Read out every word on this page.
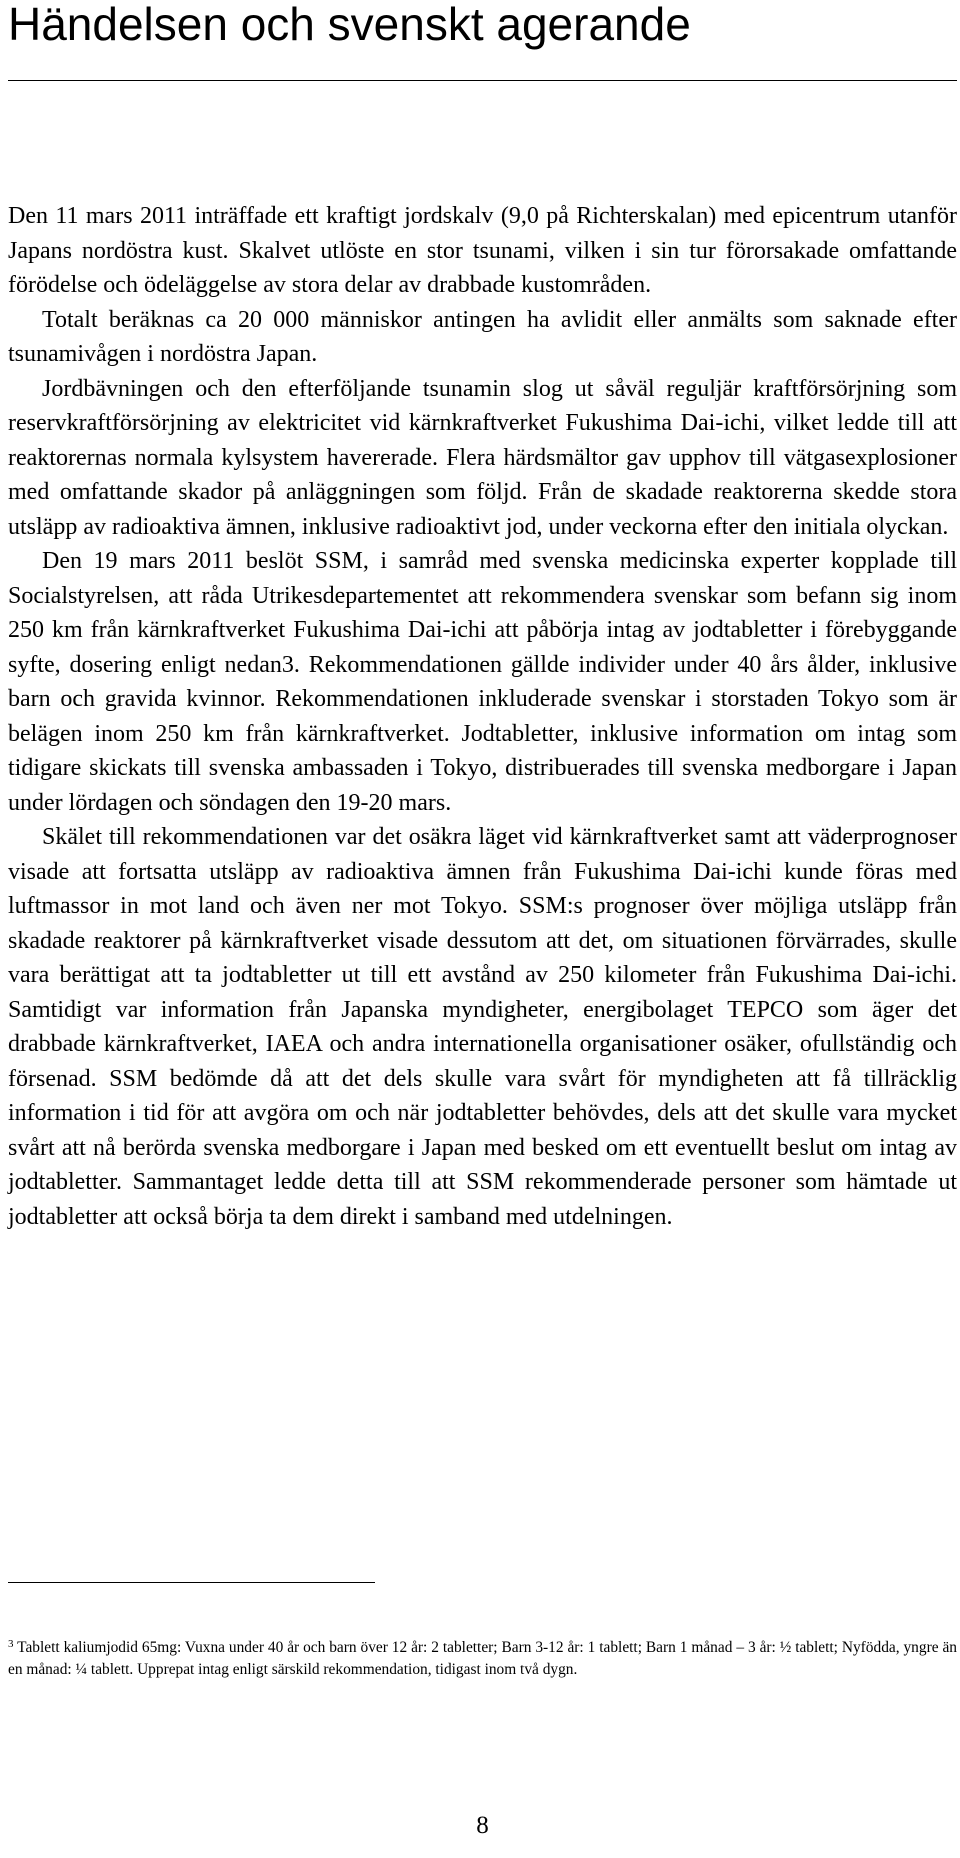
Händelsen och svenskt agerande

Den 11 mars 2011 inträffade ett kraftigt jordskalv (9,0 på Richterskalan) med epicentrum utanför Japans nordöstra kust. Skalvet utlöste en stor tsunami, vilken i sin tur förorsakade omfattande förödelse och ödeläggelse av stora delar av drabbade kustområden.

Totalt beräknas ca 20 000 människor antingen ha avlidit eller anmälts som saknade efter tsunamivågen i nordöstra Japan.

Jordbävningen och den efterföljande tsunamin slog ut såväl reguljär kraftförsörjning som reservkraftförsörjning av elektricitet vid kärnkraftverket Fukushima Dai-ichi, vilket ledde till att reaktorernas normala kylsystem havererade. Flera härdsmältor gav upphov till vätgasexplosioner med omfattande skador på anläggningen som följd. Från de skadade reaktorerna skedde stora utsläpp av radioaktiva ämnen, inklusive radioaktivt jod, under veckorna efter den initiala olyckan.

Den 19 mars 2011 beslöt SSM, i samråd med svenska medicinska experter kopplade till Socialstyrelsen, att råda Utrikesdepartementet att rekommendera svenskar som befann sig inom 250 km från kärnkraftverket Fukushima Dai-ichi att påbörja intag av jodtabletter i förebyggande syfte, dosering enligt nedan3. Rekommendationen gällde individer under 40 års ålder, inklusive barn och gravida kvinnor. Rekommendationen inkluderade svenskar i storstaden Tokyo som är belägen inom 250 km från kärnkraftverket. Jodtabletter, inklusive information om intag som tidigare skickats till svenska ambassaden i Tokyo, distribuerades till svenska medborgare i Japan under lördagen och söndagen den 19-20 mars.

Skälet till rekommendationen var det osäkra läget vid kärnkraftverket samt att väderprognoser visade att fortsatta utsläpp av radioaktiva ämnen från Fukushima Dai-ichi kunde föras med luftmassor in mot land och även ner mot Tokyo. SSM:s prognoser över möjliga utsläpp från skadade reaktorer på kärnkraftverket visade dessutom att det, om situationen förvärrades, skulle vara berättigat att ta jodtabletter ut till ett avstånd av 250 kilometer från Fukushima Dai-ichi. Samtidigt var information från Japanska myndigheter, energibolaget TEPCO som äger det drabbade kärnkraftverket, IAEA och andra internationella organisationer osäker, ofullständig och försenad. SSM bedömde då att det dels skulle vara svårt för myndigheten att få tillräcklig information i tid för att avgöra om och när jodtabletter behövdes, dels att det skulle vara mycket svårt att nå berörda svenska medborgare i Japan med besked om ett eventuellt beslut om intag av jodtabletter. Sammantaget ledde detta till att SSM rekommenderade personer som hämtade ut jodtabletter att också börja ta dem direkt i samband med utdelningen.

$^3$ Tablett kaliumjodid 65mg: Vuxna under 40 år och barn över 12 år: 2 tabletter; Barn 3-12 år: 1 tablett; Barn 1 månad – 3 år: ½ tablett; Nyfödda, yngre än en månad: ¼ tablett. Upprepat intag enligt särskild rekommendation, tidigast inom två dygn.

8
